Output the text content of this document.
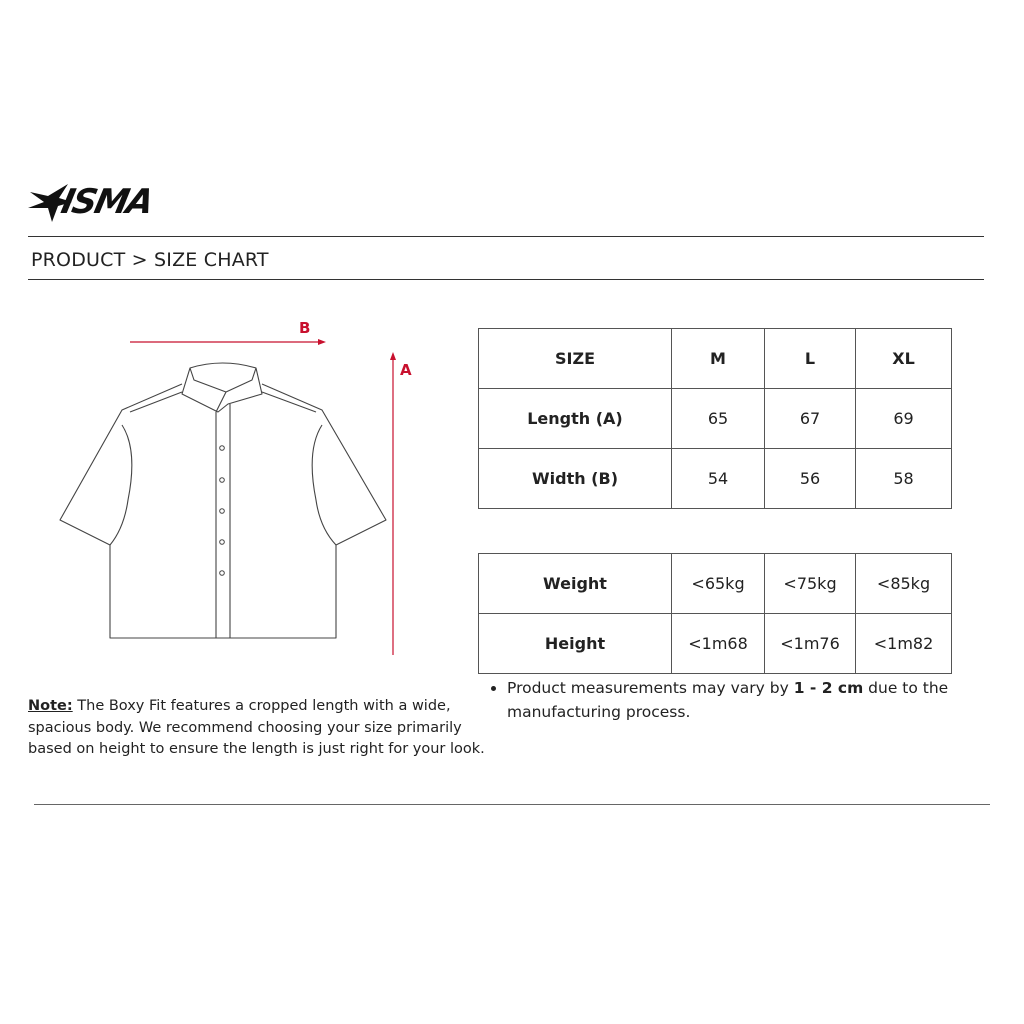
ISMA
PRODUCT > SIZE CHART
B
A
SIZE	M	L	XL
Length (A)	65	67	69
Width (B)	54	56	58
Weight	<65kg	<75kg	<85kg
Height	<1m68	<1m76	<1m82
Note: The Boxy Fit features a cropped length with a wide, spacious body. We recommend choosing your size primarily based on height to ensure the length is just right for your look.
• Product measurements may vary by 1 - 2 cm due to the manufacturing process.
